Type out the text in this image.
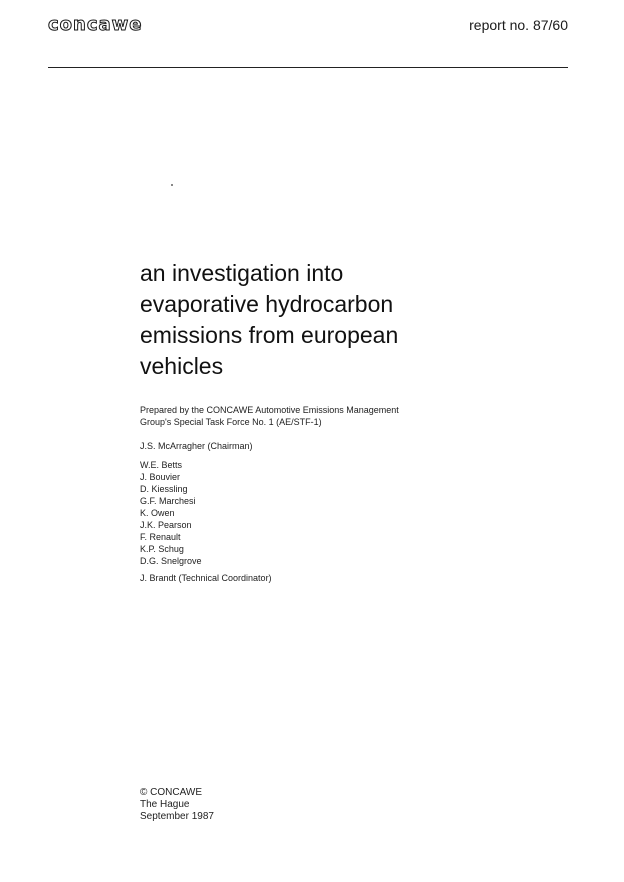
concawe	report no. 87/60
an investigation into
evaporative hydrocarbon
emissions from european
vehicles
Prepared by the CONCAWE Automotive Emissions Management
Group's Special Task Force No. 1 (AE/STF-1)
J.S. McArragher (Chairman)
W.E. Betts
J. Bouvier
D. Kiessling
G.F. Marchesi
K. Owen
J.K. Pearson
F. Renault
K.P. Schug
D.G. Snelgrove
J. Brandt (Technical Coordinator)
© CONCAWE
The Hague
September 1987
